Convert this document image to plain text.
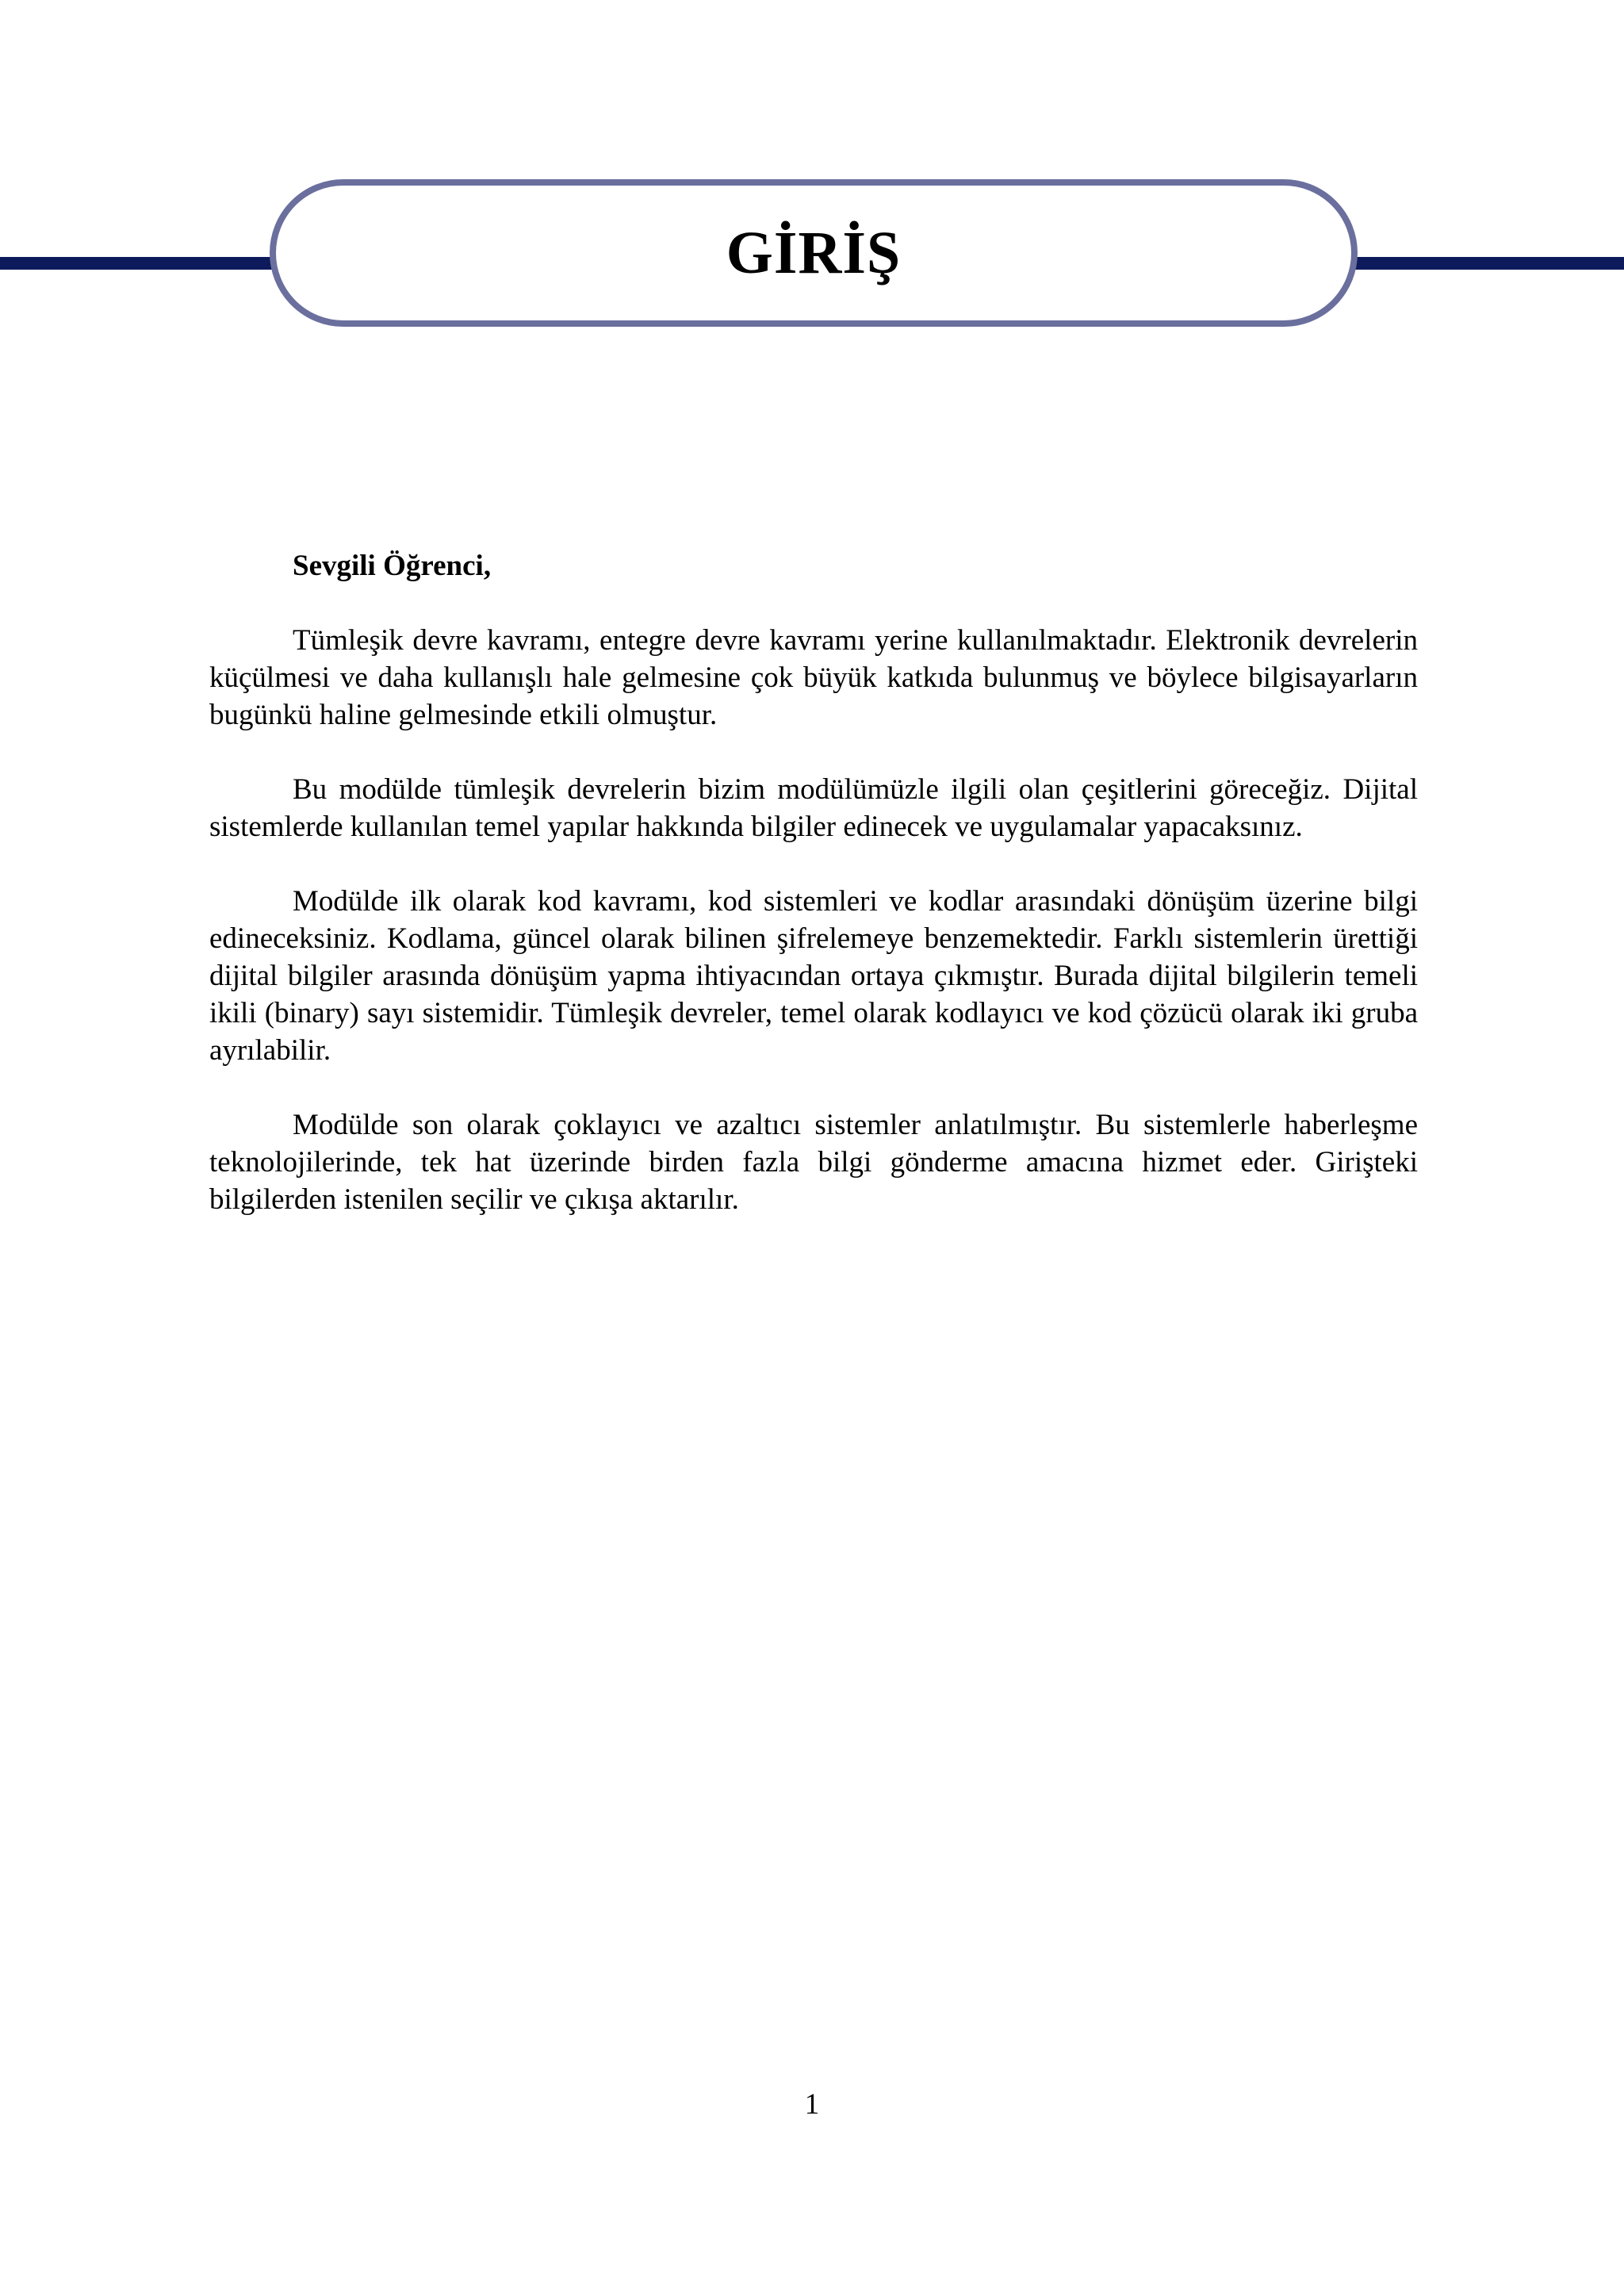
GİRİŞ

Sevgili Öğrenci,

Tümleşik devre kavramı, entegre devre kavramı yerine kullanılmaktadır. Elektronik devrelerin küçülmesi ve daha kullanışlı hale gelmesine çok büyük katkıda bulunmuş ve böylece bilgisayarların bugünkü haline gelmesinde etkili olmuştur.

Bu modülde tümleşik devrelerin bizim modülümüzle ilgili olan çeşitlerini göreceğiz. Dijital sistemlerde kullanılan temel yapılar hakkında bilgiler edinecek ve uygulamalar yapacaksınız.

Modülde ilk olarak kod kavramı, kod sistemleri ve kodlar arasındaki dönüşüm üzerine bilgi edineceksiniz. Kodlama, güncel olarak bilinen şifrelemeye benzemektedir. Farklı sistemlerin ürettiği dijital bilgiler arasında dönüşüm yapma ihtiyacından ortaya çıkmıştır. Burada dijital bilgilerin temeli ikili (binary) sayı sistemidir. Tümleşik devreler, temel olarak kodlayıcı ve kod çözücü olarak iki gruba ayrılabilir.

Modülde son olarak çoklayıcı ve azaltıcı sistemler anlatılmıştır. Bu sistemlerle haberleşme teknolojilerinde, tek hat üzerinde birden fazla bilgi gönderme amacına hizmet eder. Girişteki bilgilerden istenilen seçilir ve çıkışa aktarılır.

1
